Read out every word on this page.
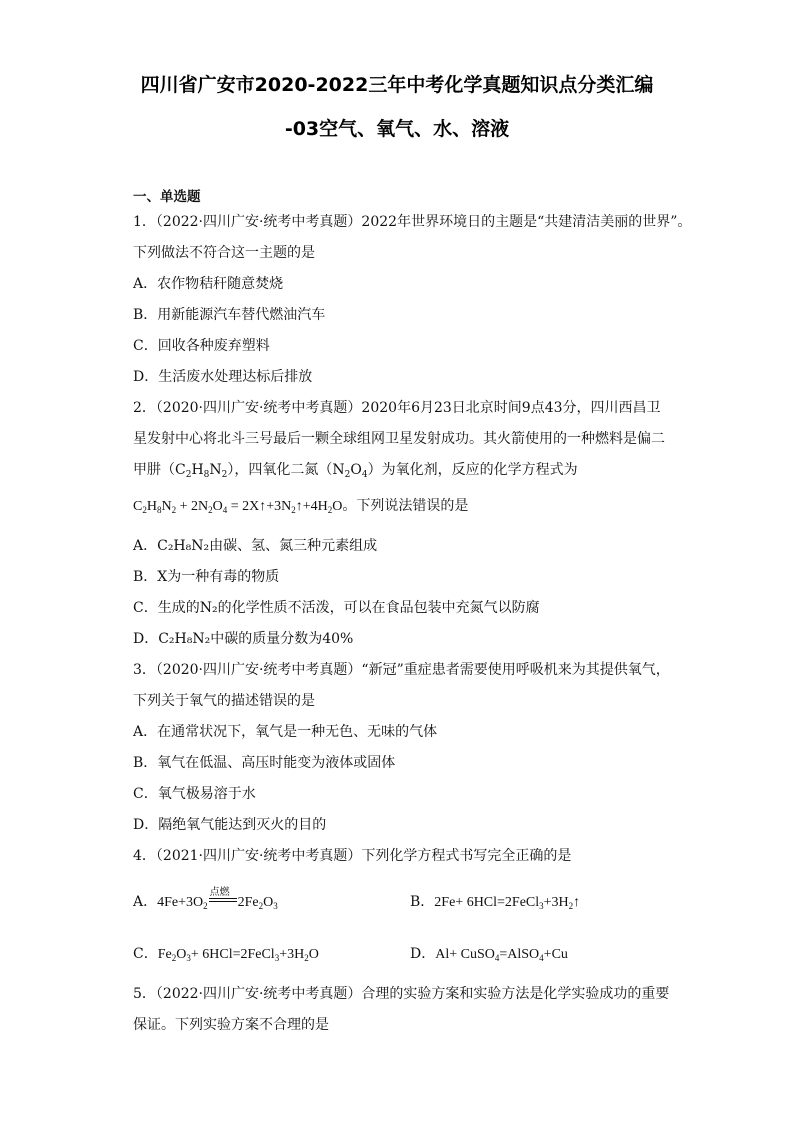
四川省广安市2020-2022三年中考化学真题知识点分类汇编
-03空气、氧气、水、溶液
一、单选题
1．（2022·四川广安·统考中考真题）2022年世界环境日的主题是“共建清洁美丽的世界”。
下列做法不符合这一主题的是
A．农作物秸秆随意焚烧
B．用新能源汽车替代燃油汽车
C．回收各种废弃塑料
D．生活废水处理达标后排放
2．（2020·四川广安·统考中考真题）2020年6月23日北京时间9点43分，四川西昌卫
星发射中心将北斗三号最后一颗全球组网卫星发射成功。其火箭使用的一种燃料是偏二
甲肼$(C_2H_8N_2)$，四氧化二氮$(N_2O_4)$为氧化剂，反应的化学方程式为
$C_2H_8N_2 + 2N_2O_4$ = $2X↑+3N_2↑+4H_2O$。下列说法错误的是
A．C₂H₈N₂由碳、氢、氮三种元素组成
B．X为一种有毒的物质
C．生成的N₂的化学性质不活泼，可以在食品包装中充氮气以防腐
D．C₂H₈N₂中碳的质量分数为40%
3．（2020·四川广安·统考中考真题）“新冠”重症患者需要使用呼吸机来为其提供氧气，
下列关于氧气的描述错误的是
A．在通常状况下，氧气是一种无色、无味的气体
B．氧气在低温、高压时能变为液体或固体
C．氧气极易溶于水
D．隔绝氧气能达到灭火的目的
4．（2021·四川广安·统考中考真题）下列化学方程式书写完全正确的是
A．$4Fe+3O_2$
点燃
$2Fe_2O_3$	B．$2Fe+ 6HCl=2FeCl_3+3H_2↑$
C．$Fe_2O_3+$ $6HCl=2FeCl_3+3H_2O$	D．Al+ CuSO$_4$=AlSO$_4$+Cu
5．（2022·四川广安·统考中考真题）合理的实验方案和实验方法是化学实验成功的重要
保证。下列实验方案不合理的是
